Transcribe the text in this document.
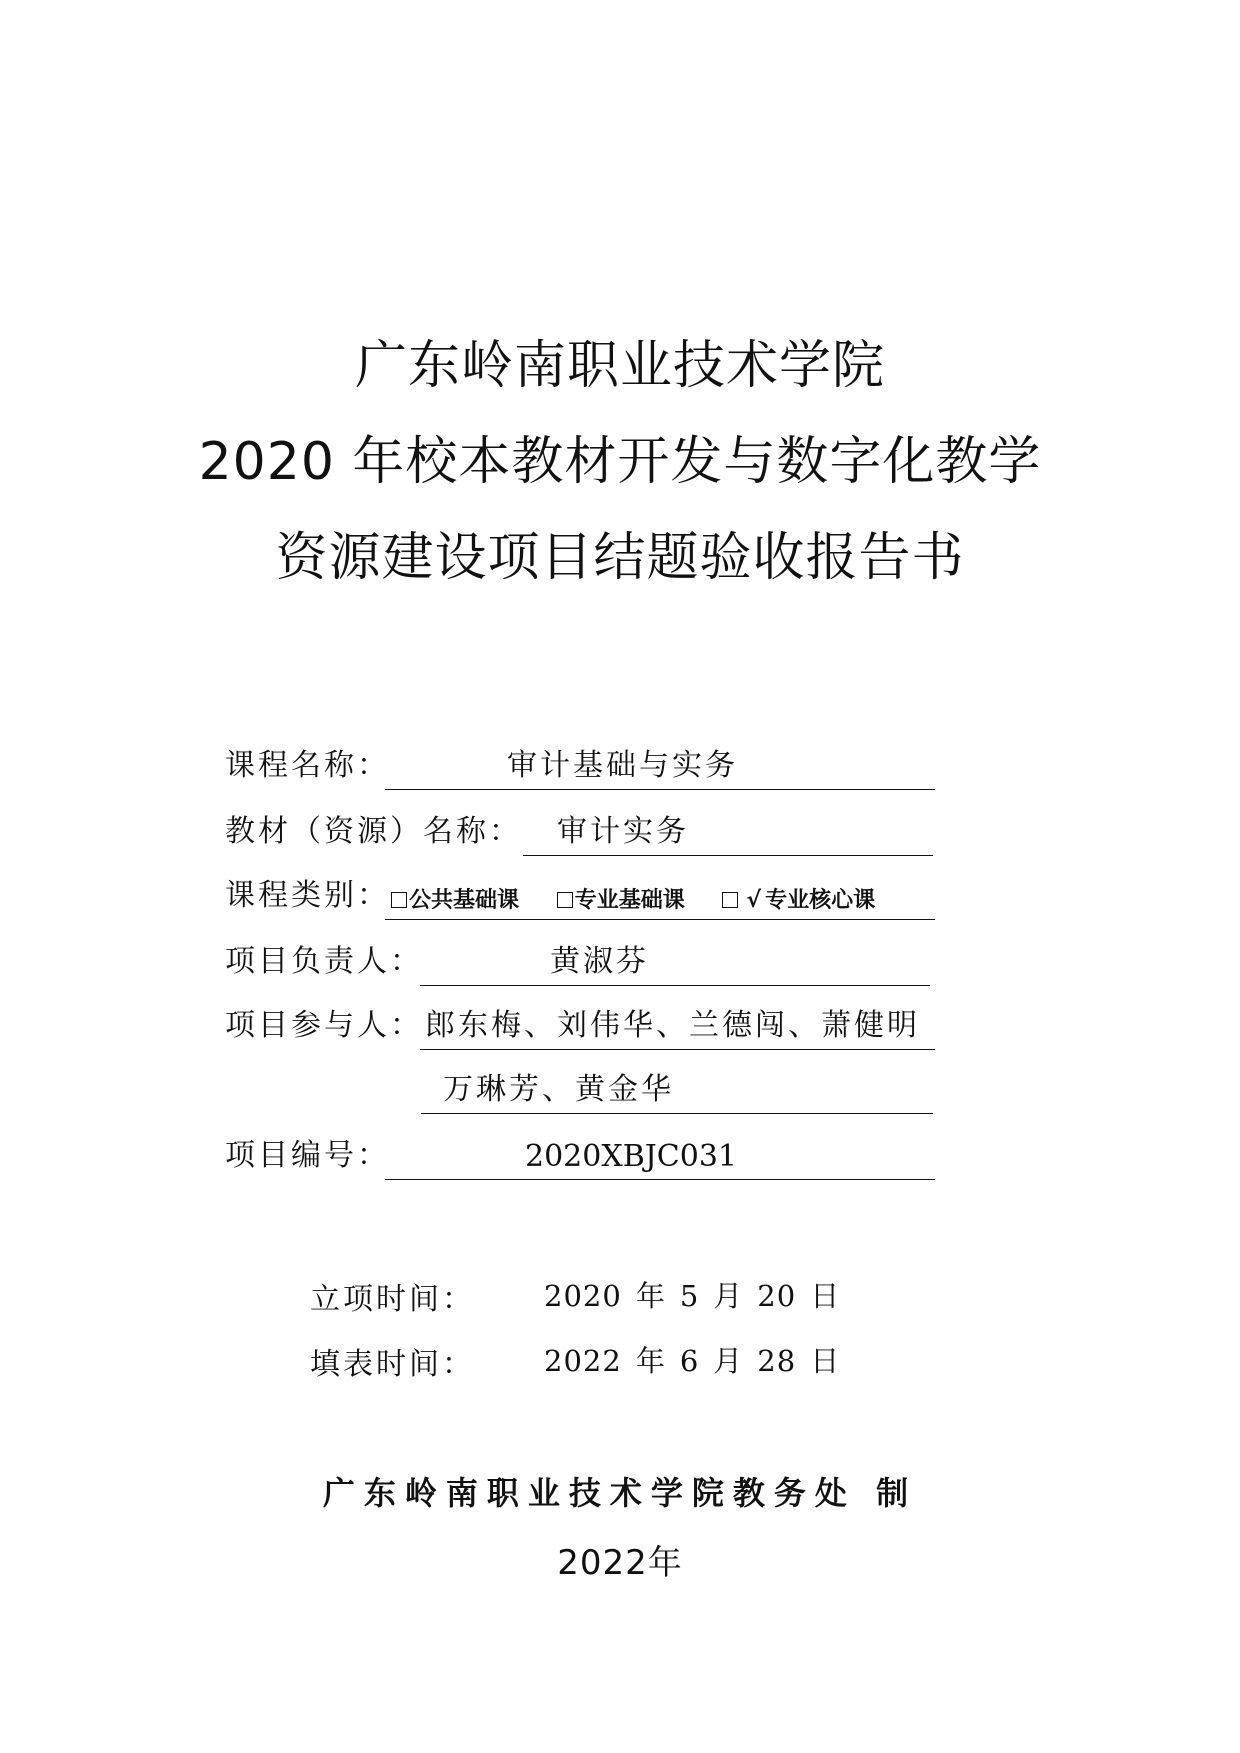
广东岭南职业技术学院
2020 年校本教材开发与数字化教学
资源建设项目结题验收报告书
课程名称：	审计基础与实务
教材（资源）名称： 审计实务
课程类别： 公共基础课	专业基础课	√ 专业核心课
项目负责人：	黄淑芬
项目参与人： 郎东梅、刘伟华、兰德闯、萧健明
万琳芳、黄金华
项目编号：	2020XBJC031
立项时间： 2020 年 5 月 20 日
填表时间： 2022 年 6 月 28 日
广东岭南职业技术学院教务处 制
2022年
